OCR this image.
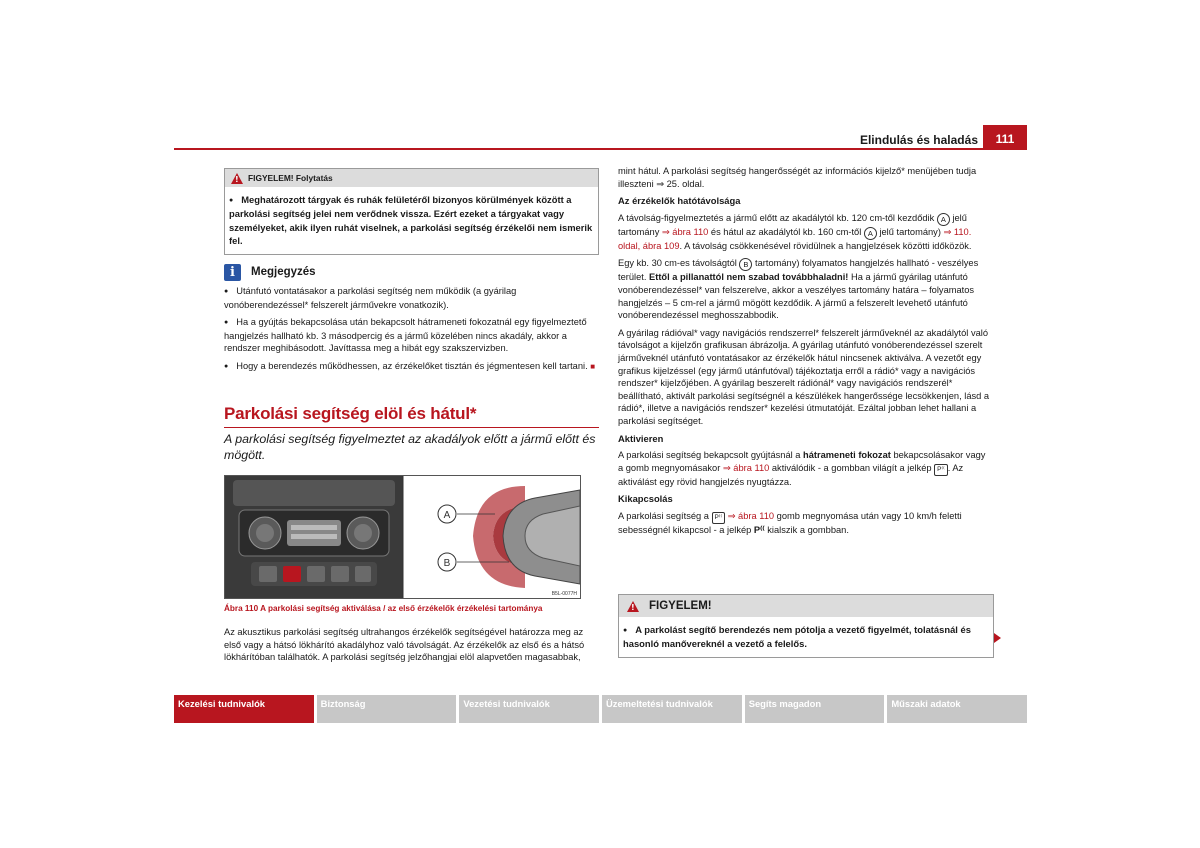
Elindulás és haladás	111
!
FIGYELEM! Folytatás
● Meghatározott tárgyak és ruhák felületéről bizonyos körülmények között a parkolási segítség jelei nem verődnek vissza. Ezért ezeket a tárgyakat vagy személyeket, akik ilyen ruhát viselnek, a parkolási segítség érzékelői nem ismerik fel.
i	Megjegyzés

● Utánfutó vontatásakor a parkolási segítség nem működik (a gyárilag vonóberendezéssel* felszerelt járművekre vonatkozik).

● Ha a gyújtás bekapcsolása után bekapcsolt hátrameneti fokozatnál egy figyelmeztető hangjelzés hallható kb. 3 másodpercig és a jármű közelében nincs akadály, akkor a rendszer meghibásodott. Javíttassa meg a hibát egy szakszervizben.

● Hogy a berendezés működhessen, az érzékelőket tisztán és jégmentesen kell tartani. ■

Parkolási segítség elöl és hátul*
A parkolási segítség figyelmeztet az akadályok előtt a jármű előtt és mögött.
A
B
B5L-0077H
Ábra 110 A parkolási segítség aktiválása / az első érzékelők érzékelési tartománya
Az akusztikus parkolási segítség ultrahangos érzékelők segítségével határozza meg az első vagy a hátsó lökhárító akadályhoz való távolságát. Az érzékelők az első és a hátsó lökhárítóban találhatók. A parkolási segítség jelzőhangjai elöl alapvetően magasabbak,

mint hátul. A parkolási segítség hangerősségét az információs kijelző* menüjében tudja illeszteni ⇒ 25. oldal.

Az érzékelők hatótávolsága

A távolság-figyelmeztetés a jármű előtt az akadálytól kb. 120 cm-től kezdődik A jelű tartomány ⇒ ábra 110 és hátul az akadálytól kb. 160 cm-től A jelű tartomány) ⇒ 110. oldal, ábra 109. A távolság csökkenésével rövidülnek a hangjelzések közötti időközök.

Egy kb. 30 cm-es távolságtól B tartomány) folyamatos hangjelzés hallható - veszélyes terület. Ettől a pillanattól nem szabad továbbhaladni! Ha a jármű gyárilag utánfutó vonóberendezéssel* van felszerelve, akkor a veszélyes tartomány határa – folyamatos hangjelzés – 5 cm-rel a jármű mögött kezdődik. A jármű a felszerelt levehető utánfutó vonóberendezéssel meghosszabbodik.

A gyárilag rádióval* vagy navigációs rendszerrel* felszerelt járműveknél az akadálytól való távolságot a kijelzőn grafikusan ábrázolja. A gyárilag utánfutó vonóberendezéssel szerelt járműveknél utánfutó vontatásakor az érzékelők hátul nincsenek aktiválva. A vezetőt egy grafikus kijelzéssel (egy jármű utánfutóval) tájékoztatja erről a rádió* vagy a navigációs rendszer* kijelzőjében. A gyárilag beszerelt rádiónál* vagy navigációs rendszerél* beállítható, aktivált parkolási segítségnél a készülékek hangerőssége lecsökkenjen, lásd a rádió*, illetve a navigációs rendszer* kezelési útmutatóját. Ezáltal jobban lehet hallani a parkolási segítséget.

Aktivieren

A parkolási segítség bekapcsolt gyújtásnál a hátrameneti fokozat bekapcsolásakor vagy a gomb megnyomásakor ⇒ ábra 110 aktiválódik - a gombban világít a jelkép P⁽⁽ . Az aktiválást egy rövid hangjelzés nyugtázza.

Kikapcsolás

A parkolási segítség a P⁽⁽ ⇒ ábra 110 gomb megnyomása után vagy 10 km/h feletti sebességnél kikapcsol - a jelkép P⁽⁽ kialszik a gombban.

!
FIGYELEM!
● A parkolást segítő berendezés nem pótolja a vezető figyelmét, tolatásnál és hasonló manővereknél a vezető a felelős.
Kezelési tudnivalók	Biztonság	Vezetési tudnivalók	Üzemeltetési tudnivalók	Segíts magadon	Műszaki adatok
